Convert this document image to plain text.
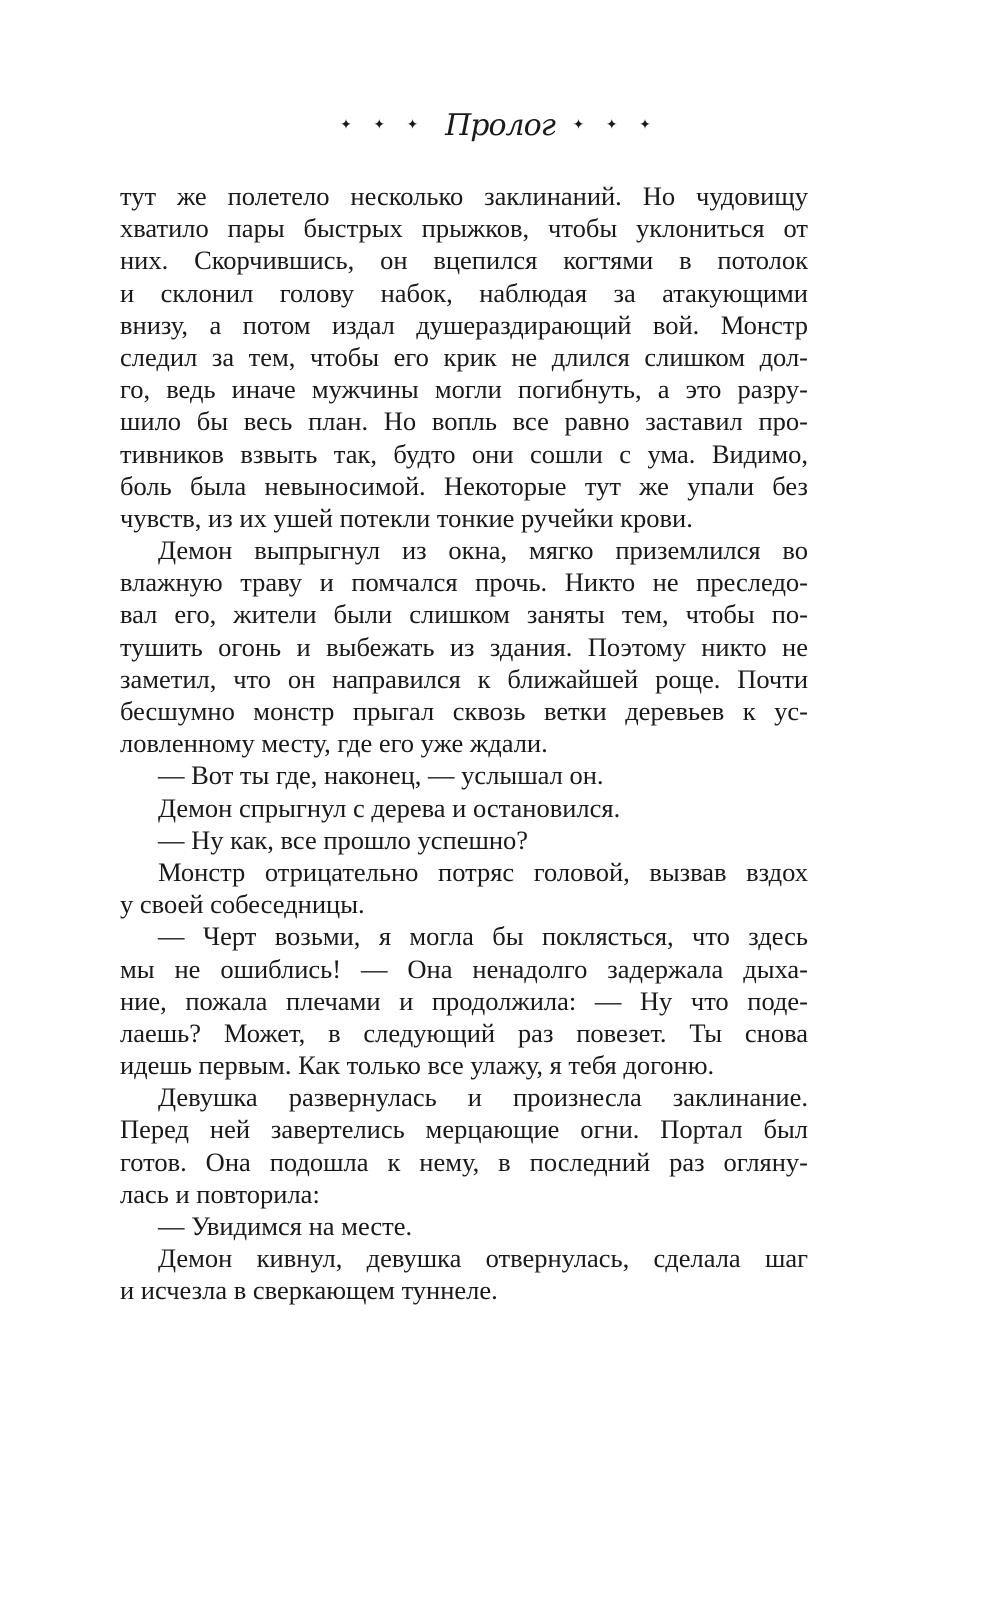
✦ ✦ ✦ Пролог ✦ ✦ ✦
тут же полетело несколько заклинаний. Но чудовищу
хватило пары быстрых прыжков, чтобы уклониться от
них. Скорчившись, он вцепился когтями в потолок
и склонил голову набок, наблюдая за атакующими
внизу, а потом издал душераздирающий вой. Монстр
следил за тем, чтобы его крик не длился слишком дол-
го, ведь иначе мужчины могли погибнуть, а это разру-
шило бы весь план. Но вопль все равно заставил про-
тивников взвыть так, будто они сошли с ума. Видимо,
боль была невыносимой. Некоторые тут же упали без
чувств, из их ушей потекли тонкие ручейки крови.
Демон выпрыгнул из окна, мягко приземлился во
влажную траву и помчался прочь. Никто не преследо-
вал его, жители были слишком заняты тем, чтобы по-
тушить огонь и выбежать из здания. Поэтому никто не
заметил, что он направился к ближайшей роще. Почти
бесшумно монстр прыгал сквозь ветки деревьев к ус-
ловленному месту, где его уже ждали.
— Вот ты где, наконец, — услышал он.
Демон спрыгнул с дерева и остановился.
— Ну как, все прошло успешно?
Монстр отрицательно потряс головой, вызвав вздох
у своей собеседницы.
— Черт возьми, я могла бы поклясться, что здесь
мы не ошиблись! — Она ненадолго задержала дыха-
ние, пожала плечами и продолжила: — Ну что поде-
лаешь? Может, в следующий раз повезет. Ты снова
идешь первым. Как только все улажу, я тебя догоню.
Девушка развернулась и произнесла заклинание.
Перед ней завертелись мерцающие огни. Портал был
готов. Она подошла к нему, в последний раз огляну-
лась и повторила:
— Увидимся на месте.
Демон кивнул, девушка отвернулась, сделала шаг
и исчезла в сверкающем туннеле.
